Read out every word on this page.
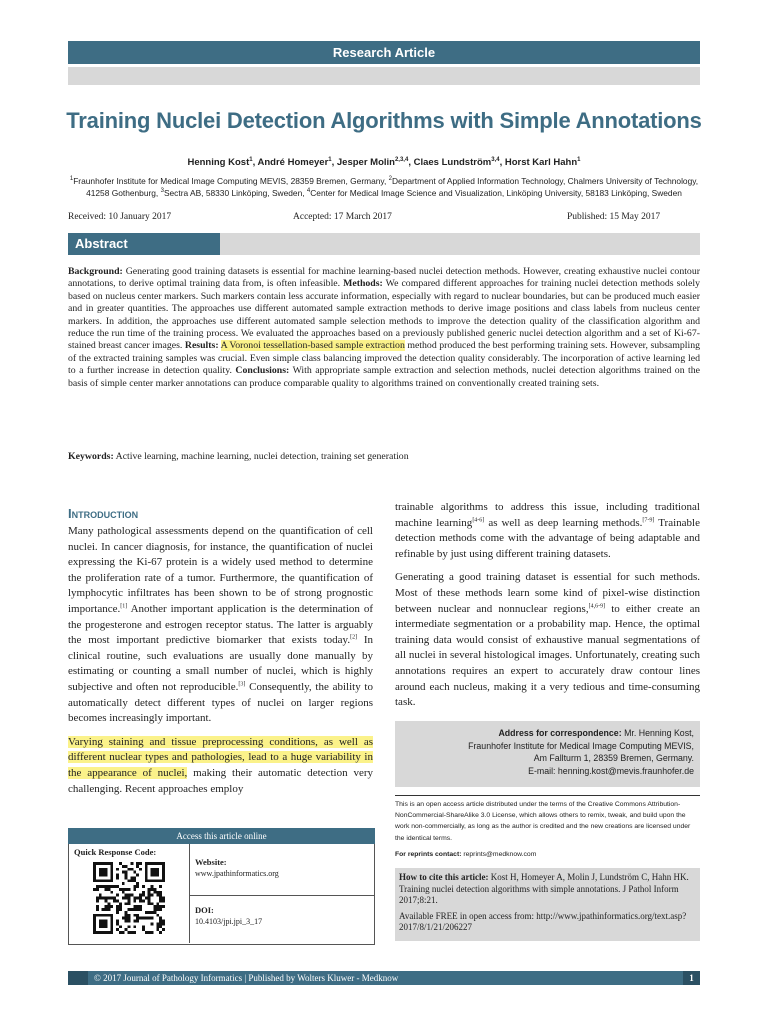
Research Article
Training Nuclei Detection Algorithms with Simple Annotations
Henning Kost$^1$, André Homeyer$^1$, Jesper Molin$^{2,3,4}$, Claes Lundström$^{3,4}$, Horst Karl Hahn$^1$
$^1$Fraunhofer Institute for Medical Image Computing MEVIS, 28359 Bremen, Germany, $^2$Department of Applied Information Technology, Chalmers University of Technology, 41258 Gothenburg, $^3$Sectra AB, 58330 Linköping, Sweden, $^4$Center for Medical Image Science and Visualization, Linköping University, 58183 Linköping, Sweden
Received: 10 January 2017	Accepted: 17 March 2017	Published: 15 May 2017
Abstract
Background: Generating good training datasets is essential for machine learning-based nuclei detection methods. However, creating exhaustive nuclei contour annotations, to derive optimal training data from, is often infeasible. Methods: We compared different approaches for training nuclei detection methods solely based on nucleus center markers. Such markers contain less accurate information, especially with regard to nuclear boundaries, but can be produced much easier and in greater quantities. The approaches use different automated sample extraction methods to derive image positions and class labels from nucleus center markers. In addition, the approaches use different automated sample selection methods to improve the detection quality of the classification algorithm and reduce the run time of the training process. We evaluated the approaches based on a previously published generic nuclei detection algorithm and a set of Ki-67-stained breast cancer images. Results: A Voronoi tessellation-based sample extraction method produced the best performing training sets. However, subsampling of the extracted training samples was crucial. Even simple class balancing improved the detection quality considerably. The incorporation of active learning led to a further increase in detection quality. Conclusions: With appropriate sample extraction and selection methods, nuclei detection algorithms trained on the basis of simple center marker annotations can produce comparable quality to algorithms trained on conventionally created training sets.
Keywords: Active learning, machine learning, nuclei detection, training set generation
Introduction

Many pathological assessments depend on the quantification of cell nuclei. In cancer diagnosis, for instance, the quantification of nuclei expressing the Ki-67 protein is a widely used method to determine the proliferation rate of a tumor. Furthermore, the quantification of lymphocytic infiltrates has been shown to be of strong prognostic importance.[1] Another important application is the determination of the progesterone and estrogen receptor status. The latter is arguably the most important predictive biomarker that exists today.[2] In clinical routine, such evaluations are usually done manually by estimating or counting a small number of nuclei, which is highly subjective and often not reproducible.[3] Consequently, the ability to automatically detect different types of nuclei on larger regions becomes increasingly important.

Varying staining and tissue preprocessing conditions, as well as different nuclear types and pathologies, lead to a huge variability in the appearance of nuclei, making their automatic detection very challenging. Recent approaches employ

trainable algorithms to address this issue, including traditional machine learning[4-6] as well as deep learning methods.[7-9] Trainable detection methods come with the advantage of being adaptable and refinable by just using different training datasets.

Generating a good training dataset is essential for such methods. Most of these methods learn some kind of pixel-wise distinction between nuclear and nonnuclear regions,[4,6-9] to either create an intermediate segmentation or a probability map. Hence, the optimal training data would consist of exhaustive manual segmentations of all nuclei in several histological images. Unfortunately, creating such annotations requires an expert to accurately draw contour lines around each nucleus, making it a very tedious and time-consuming task.

Access this article online
Quick Response Code:
Website:
www.jpathinformatics.org
DOI:
10.4103/jpi.jpi_3_17
Address for correspondence: Mr. Henning Kost,
Fraunhofer Institute for Medical Image Computing MEVIS,
Am Fallturm 1, 28359 Bremen, Germany.
E-mail: henning.kost@mevis.fraunhofer.de
This is an open access article distributed under the terms of the Creative Commons Attribution-NonCommercial-ShareAlike 3.0 License, which allows others to remix, tweak, and build upon the work non-commercially, as long as the author is credited and the new creations are licensed under the identical terms.
For reprints contact: reprints@medknow.com

How to cite this article: Kost H, Homeyer A, Molin J, Lundström C, Hahn HK. Training nuclei detection algorithms with simple annotations. J Pathol Inform 2017;8:21.

Available FREE in open access from: http://www.jpathinformatics.org/text.asp?2017/8/1/21/206227

© 2017 Journal of Pathology Informatics | Published by Wolters Kluwer - Medknow	1
